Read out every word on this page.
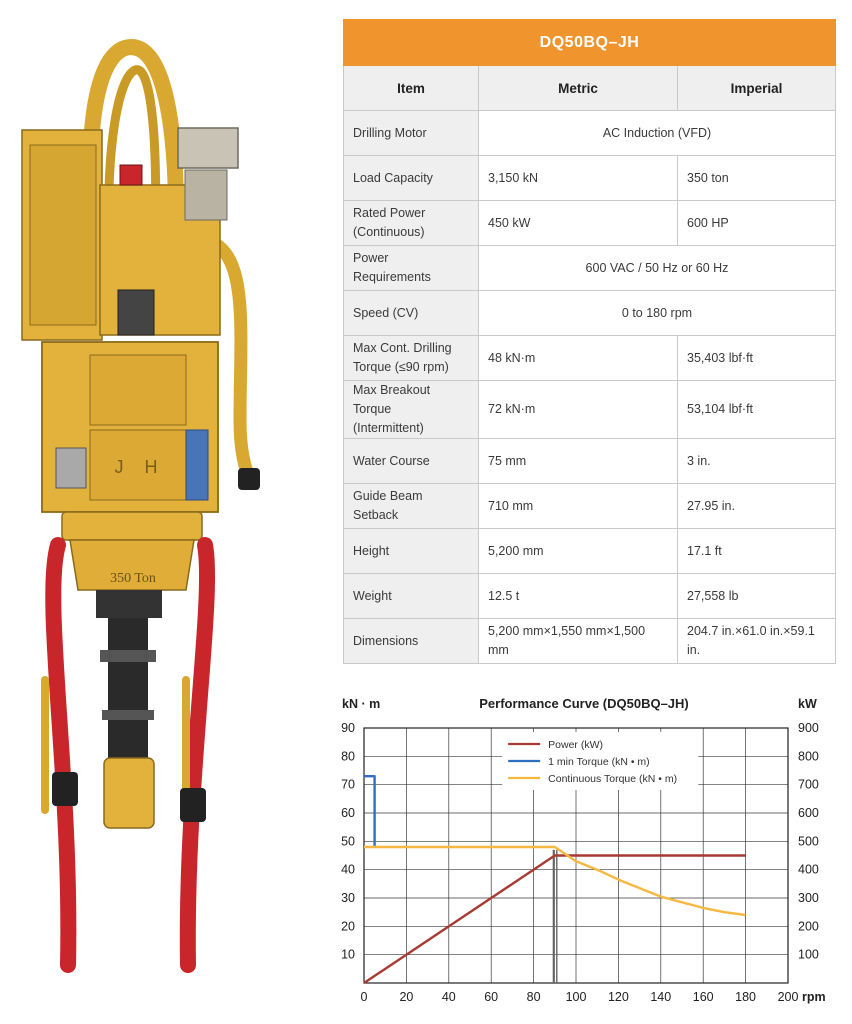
J H
350 Ton
DQ50BQ–JH		
Item	Metric	Imperial
Drilling Motor	AC Induction (VFD)	
Load Capacity	3,150 kN	350 ton
Rated Power
(Continuous)	450 kW	600 HP
Power Requirements	600 VAC / 50 Hz or 60 Hz	
Speed (CV)	0 to 180 rpm	
Max Cont. Drilling
Torque (≤90 rpm)	48 kN·m	35,403 lbf·ft
Max Breakout Torque
(Intermittent)	72 kN·m	53,104 lbf·ft
Water Course	75 mm	3 in.
Guide Beam Setback	710 mm	27.95 in.
Height	5,200 mm	17.1 ft
Weight	12.5 t	27,558 lb
Dimensions	5,200 mm×1,550 mm×1,500 mm	204.7 in.×61.0 in.×59.1 in.
0	20 40 60 80 100 120 140 160 180 200
10
20
30
40
50
60
70
80
90
100
200
300
400
500
600
700
800
900
kN · m	kW
Performance Curve (DQ50BQ–JH)
rpm
Power (kW)
1 min Torque (kN • m)
Continuous Torque (kN • m)
